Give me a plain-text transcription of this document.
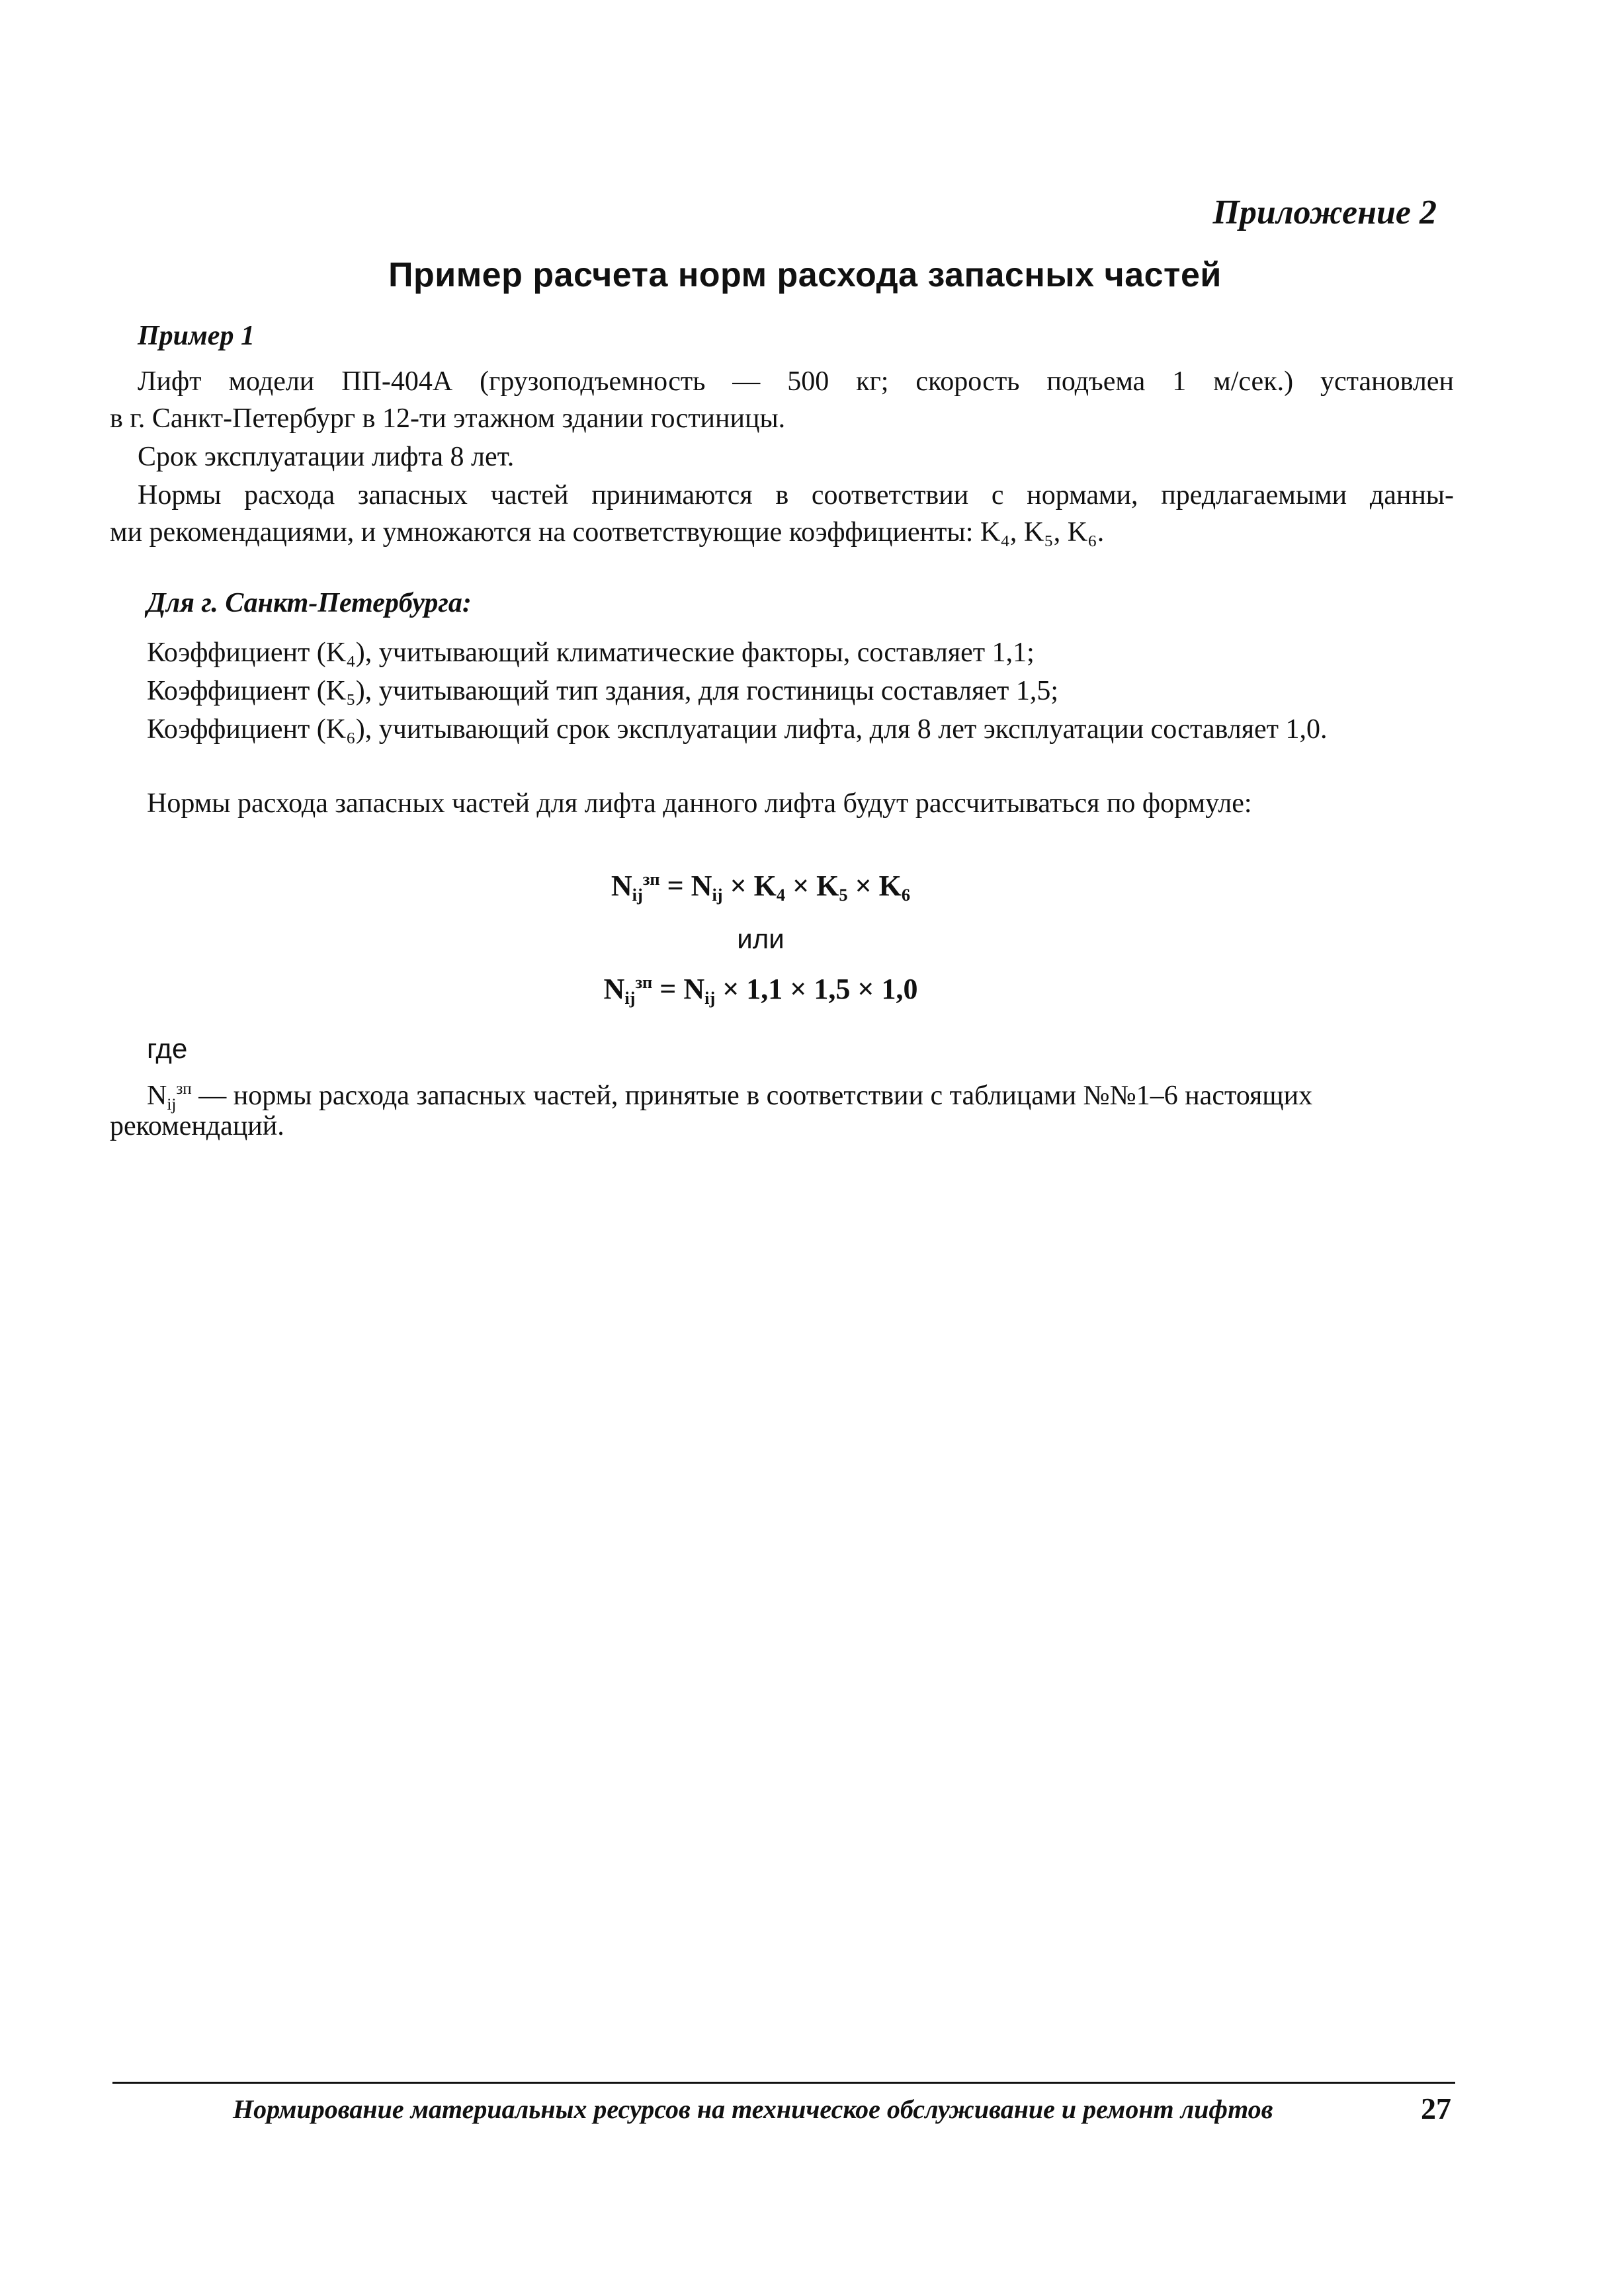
Приложение 2
Пример расчета норм расхода запасных частей
Пример 1
Лифт модели ПП-404А (грузоподъемность — 500 кг; скорость подъема 1 м/сек.) установлен
в г. Санкт-Петербург в 12-ти этажном здании гостиницы.
Срок эксплуатации лифта 8 лет.
Нормы расхода запасных частей принимаются в соответствии с нормами, предлагаемыми данны-
ми рекомендациями, и умножаются на соответствующие коэффициенты: K₄, K₅, K₆.
Для г. Санкт-Петербурга:
Коэффициент (K₄), учитывающий климатические факторы, составляет 1,1;
Коэффициент (K₅), учитывающий тип здания, для гостиницы составляет 1,5;
Коэффициент (K₆), учитывающий срок эксплуатации лифта, для 8 лет эксплуатации составляет 1,0.
Нормы расхода запасных частей для лифта данного лифта будут рассчитываться по формуле:
$N_{ij}^{зп} = N_{ij} \times K_4 \times K_5 \times K_6$
или
$N_{ij}^{зп} = N_{ij} \times 1,1 \times 1,5 \times 1,0$
где
$N_{ij}^{зп}$ — нормы расхода запасных частей, принятые в соответствии с таблицами №№1–6 настоящих
рекомендаций.
Нормирование материальных ресурсов на техническое обслуживание и ремонт лифтов	27
